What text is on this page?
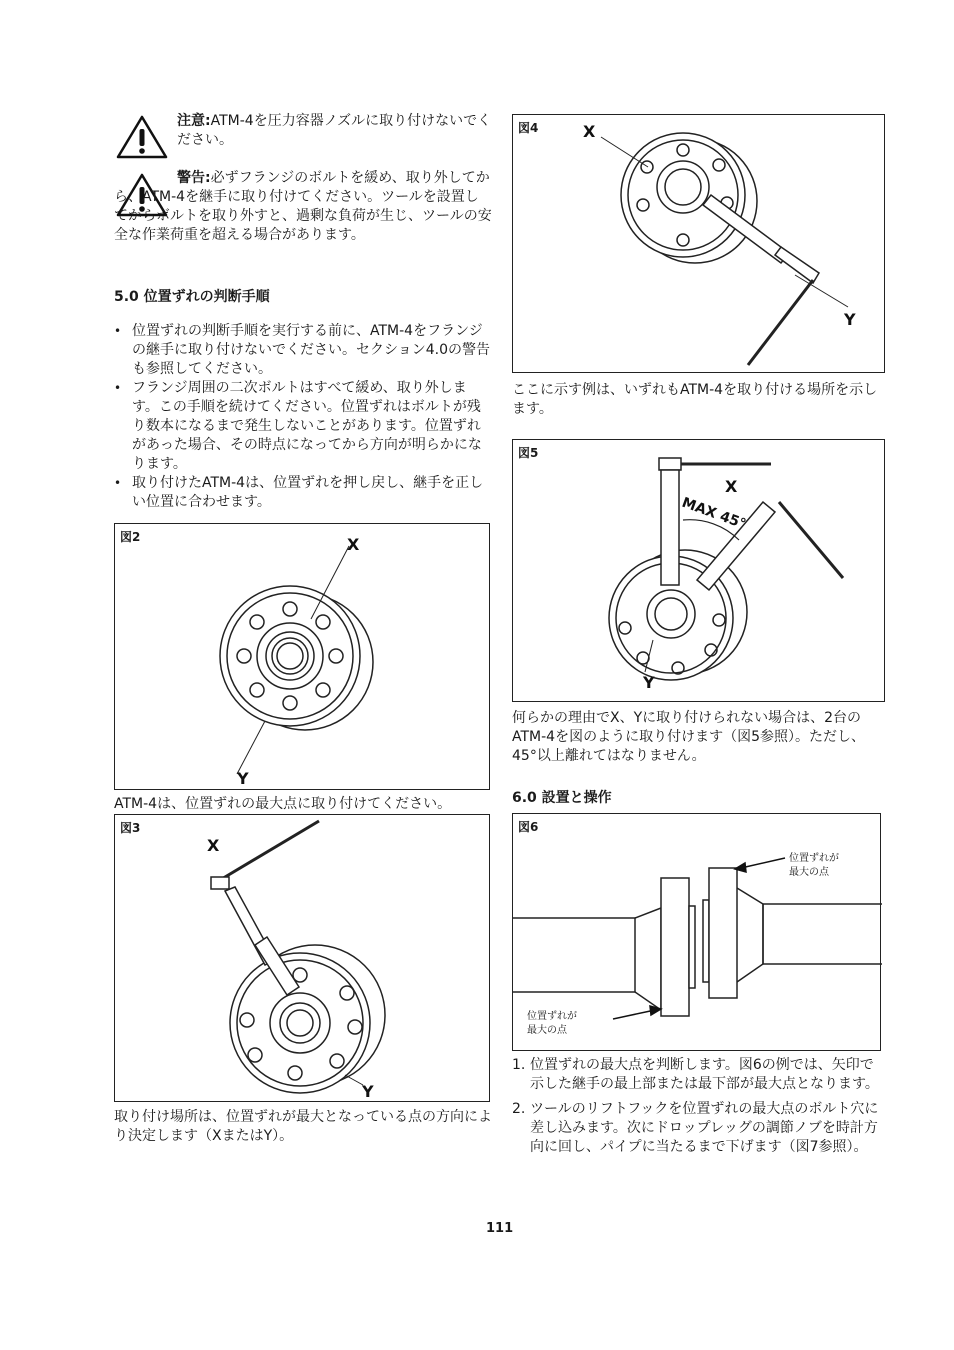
注意:ATM-4を圧力容器ノズルに取り付けないでください。
警告:必ずフランジのボルトを緩め、取り外してから、ATM-4を継手に取り付けてください。ツールを設置してからボルトを取り外すと、過剰な負荷が生じ、ツールの安全な作業荷重を超える場合があります。
5.0 位置ずれの判断手順
• 位置ずれの判断手順を実行する前に、ATM-4をフランジの継手に取り付けないでください。セクション4.0の警告も参照してください。
• フランジ周囲の二次ボルトはすべて緩め、取り外します。この手順を続けてください。位置ずれはボルトが残り数本になるまで発生しないことがあります。位置ずれがあった場合、その時点になってから方向が明らかになります。
• 取り付けたATM-4は、位置ずれを押し戻し、継手を正しい位置に合わせます。
図2	X
Y
ATM-4は、位置ずれの最大点に取り付けてください。
図3
X
Y
取り付け場所は、位置ずれが最大となっている点の方向により決定します（XまたはY）。
図4	X
Y
ここに示す例は、いずれもATM-4を取り付ける場所を示します。
図5
X
MAX 45°
Y
何らかの理由でX、Yに取り付けられない場合は、2台のATM-4を図のように取り付けます（図5参照）。ただし、45°以上離れてはなりません。
6.0 設置と操作
図6
位置ずれが
最大の点
位置ずれが
最大の点
1. 位置ずれの最大点を判断します。図6の例では、矢印で示した継手の最上部または最下部が最大点となります。
2. ツールのリフトフックを位置ずれの最大点のボルト穴に差し込みます。次にドロップレッグの調節ノブを時計方向に回し、パイプに当たるまで下げます（図7参照）。
111
